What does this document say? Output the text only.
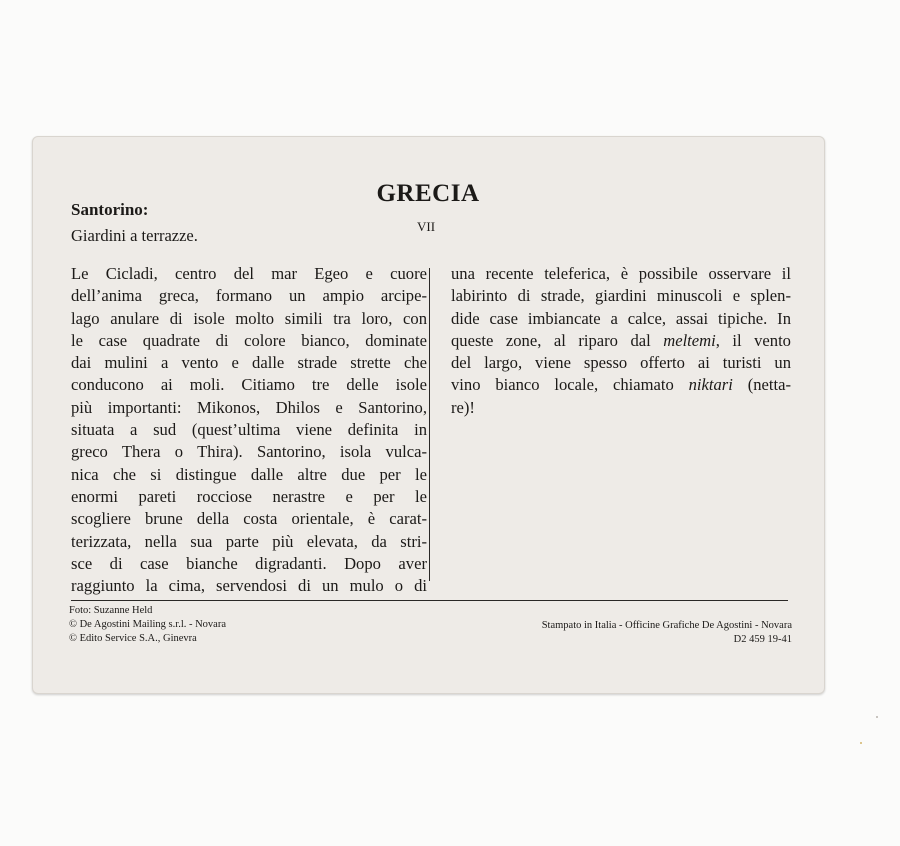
Santorino:
Giardini a terrazze.
GRECIA
VII
Le Cicladi, centro del mar Egeo e cuore
dell’anima greca, formano un ampio arcipe-
lago anulare di isole molto simili tra loro, con
le case quadrate di colore bianco, dominate
dai mulini a vento e dalle strade strette che
conducono ai moli. Citiamo tre delle isole
più importanti: Mikonos, Dhilos e Santorino,
situata a sud (quest’ultima viene definita in
greco Thera o Thira). Santorino, isola vulca-
nica che si distingue dalle altre due per le
enormi pareti rocciose nerastre e per le
scogliere brune della costa orientale, è carat-
terizzata, nella sua parte più elevata, da stri-
sce di case bianche digradanti. Dopo aver
raggiunto la cima, servendosi di un mulo o di
una recente teleferica, è possibile osservare il
labirinto di strade, giardini minuscoli e splen-
dide case imbiancate a calce, assai tipiche. In
queste zone, al riparo dal meltemi, il vento
del largo, viene spesso offerto ai turisti un
vino bianco locale, chiamato niktari (netta-
re)!
Foto: Suzanne Held
© De Agostini Mailing s.r.l. - Novara
© Edito Service S.A., Ginevra
Stampato in Italia - Officine Grafiche De Agostini - Novara
D2 459 19-41
